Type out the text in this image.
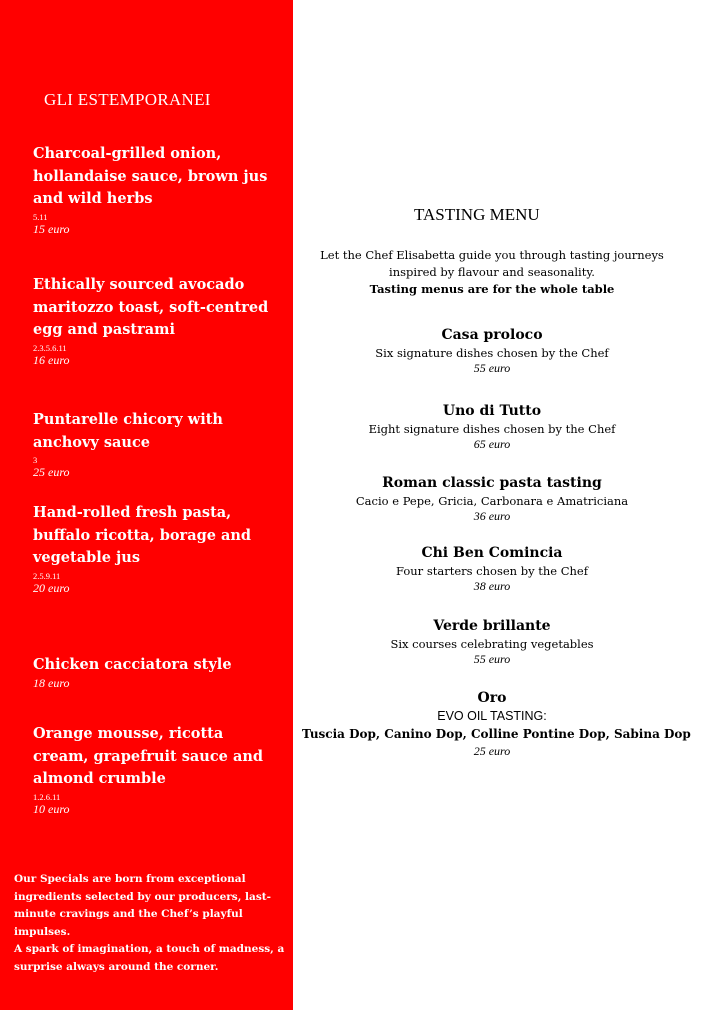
GLI ESTEMPORANEI
Charcoal-grilled onion, hollandaise sauce, brown jus and wild herbs
5.11
15 euro
Ethically sourced avocado maritozzo toast, soft-centred egg and pastrami
2.3.5.6.11
16 euro
Puntarelle chicory with anchovy sauce
3
25 euro
Hand-rolled fresh pasta, buffalo ricotta, borage and vegetable jus
2.5.9.11
20 euro
Chicken cacciatora style
18 euro
Orange mousse, ricotta cream, grapefruit sauce and almond crumble
1.2.6.11
10 euro
Our Specials are born from exceptional ingredients selected by our producers, last-minute cravings and the Chef’s playful impulses.
A spark of imagination, a touch of madness, a surprise always around the corner.
TASTING MENU
Let the Chef Elisabetta guide you through tasting journeys inspired by flavour and seasonality.
Tasting menus are for the whole table
Casa proloco
Six signature dishes chosen by the Chef
55 euro
Uno di Tutto
Eight signature dishes chosen by the Chef
65 euro
Roman classic pasta tasting
Cacio e Pepe, Gricia, Carbonara e Amatriciana
36 euro
Chi Ben Comincia
Four starters chosen by the Chef
38 euro
Verde brillante
Six courses celebrating vegetables
55 euro
Oro
EVO OIL TASTING:
Tuscia Dop, Canino Dop, Colline Pontine Dop, Sabina Dop
25 euro
